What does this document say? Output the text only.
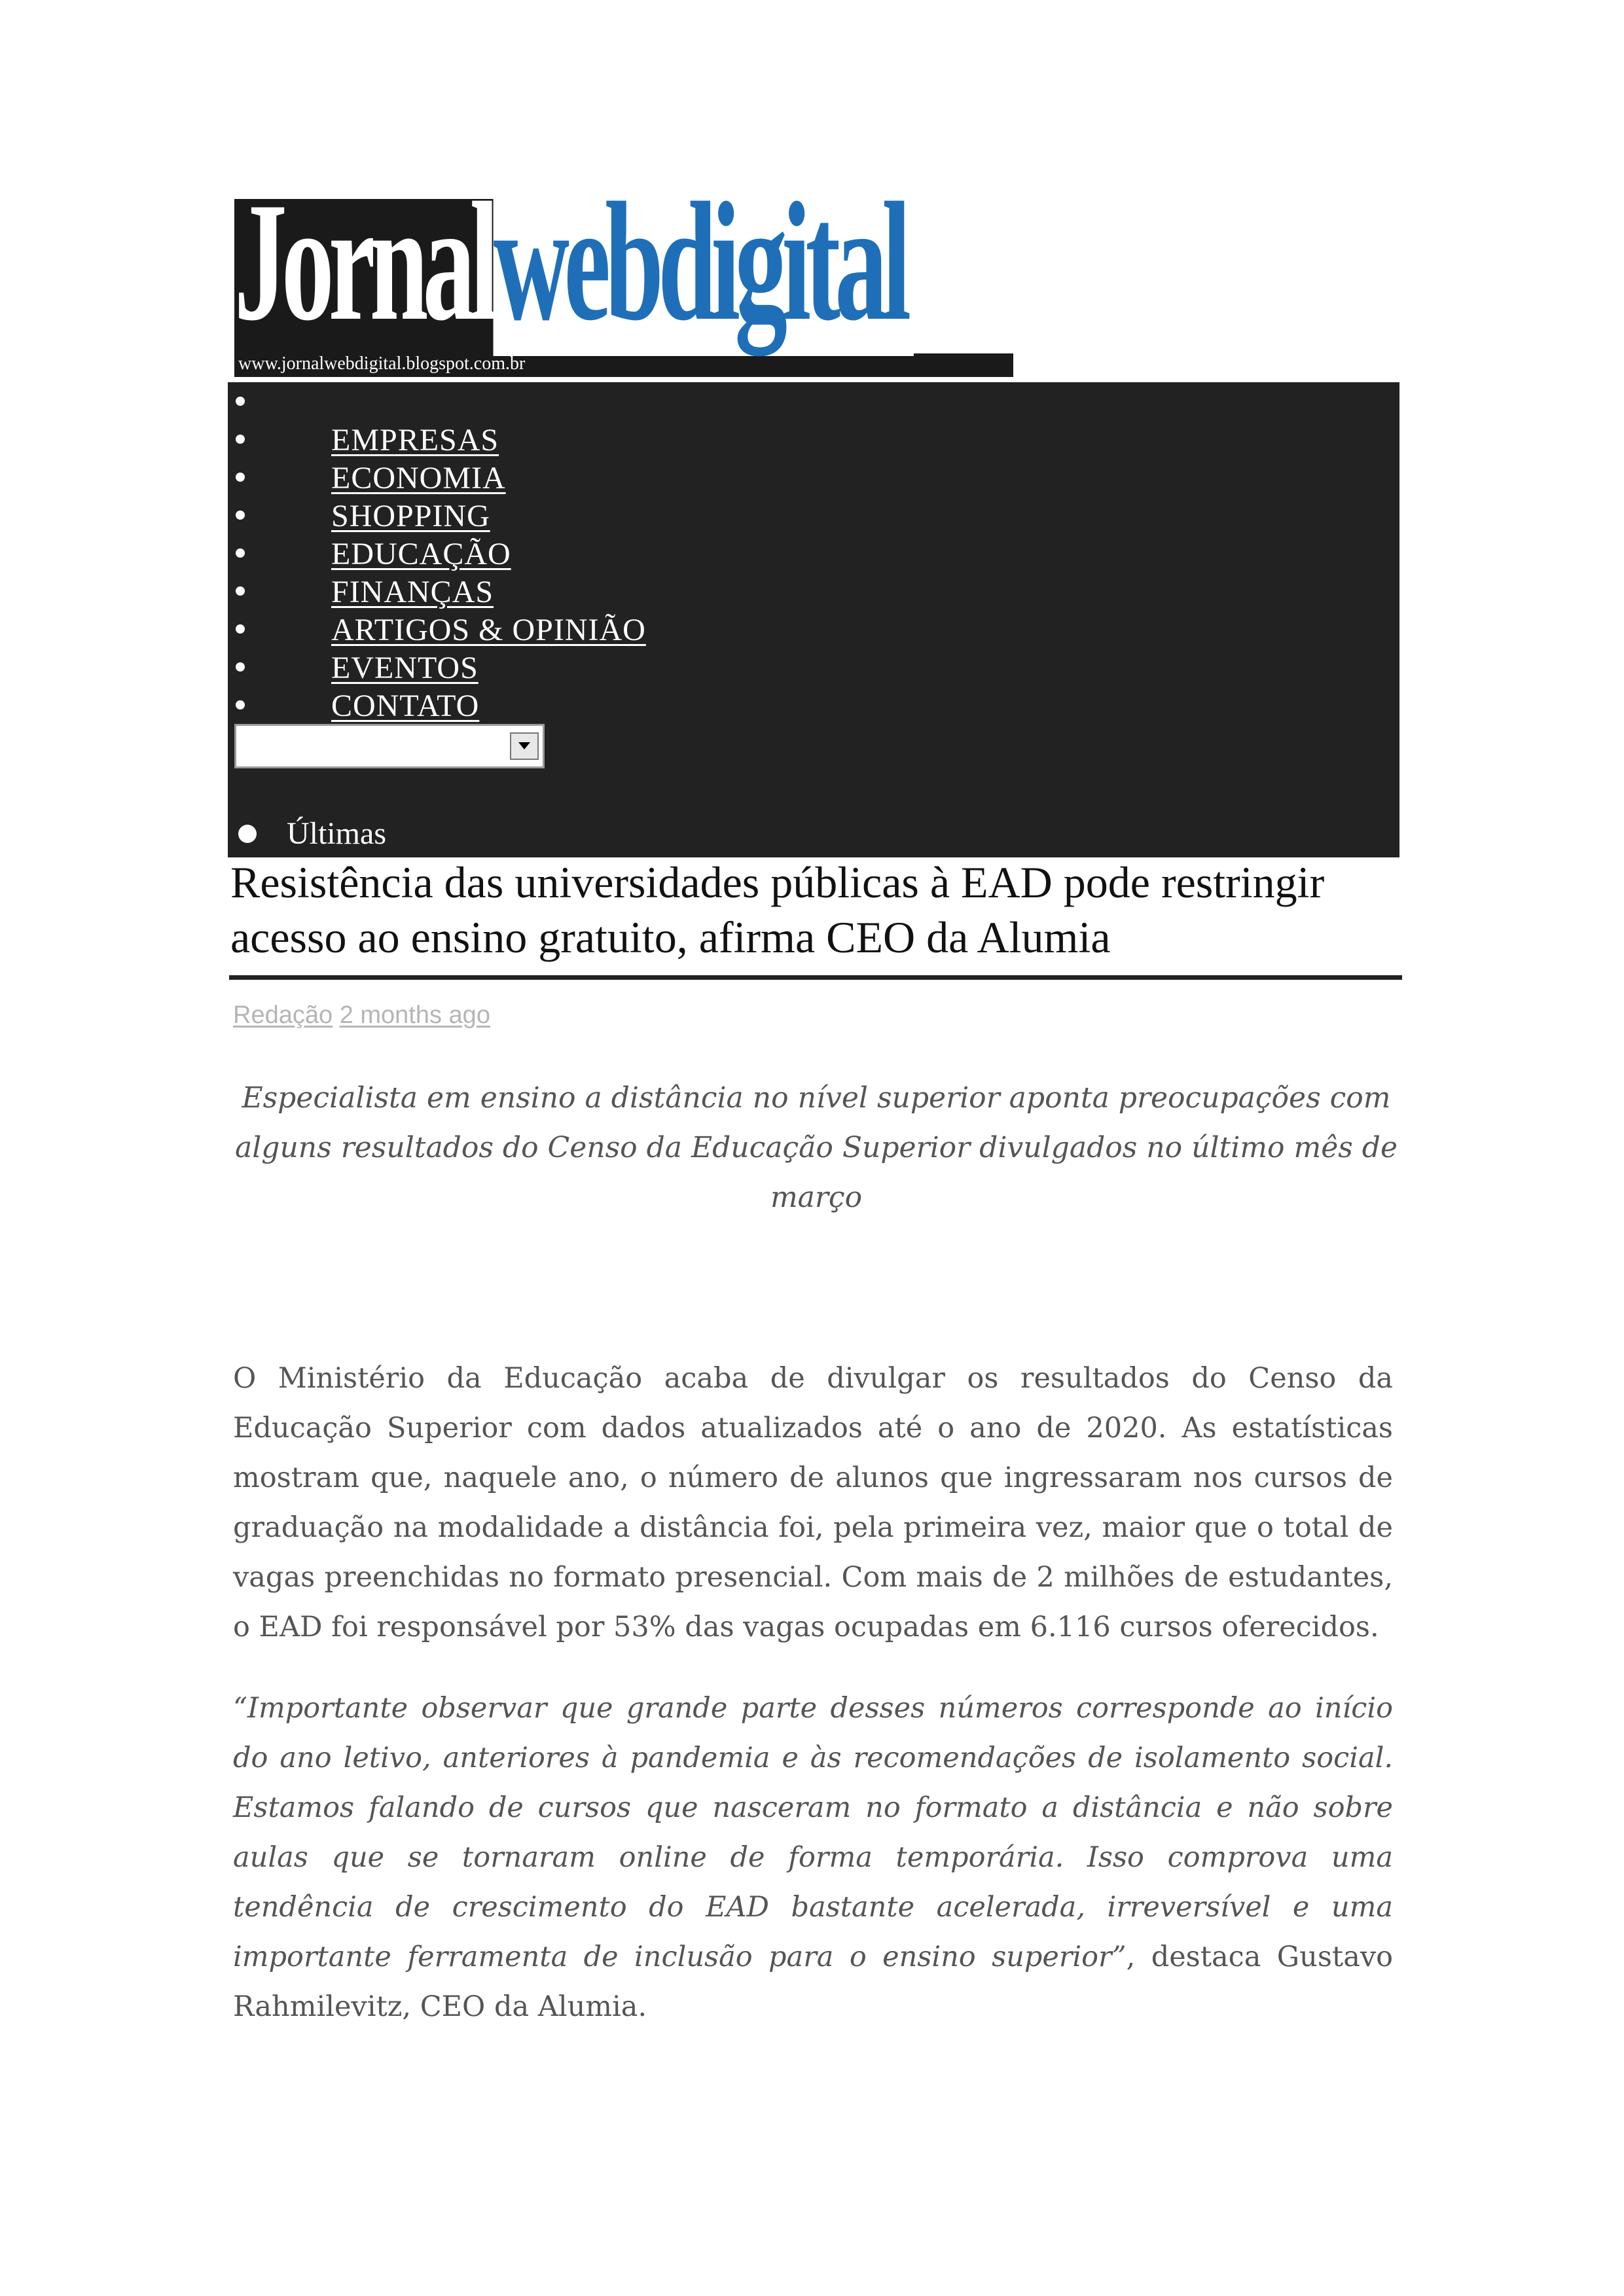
Jornalwebdigital
www.jornalwebdigital.blogspot.com.br
EMPRESAS
ECONOMIA
SHOPPING
EDUCAÇÃO
FINANÇAS
ARTIGOS & OPINIÃO
EVENTOS
CONTATO
Últimas
Resistência das universidades públicas à EAD pode restringir acesso ao ensino gratuito, afirma CEO da Alumia
Redação 2 months ago

Especialista em ensino a distância no nível superior aponta preocupações com alguns resultados do Censo da Educação Superior divulgados no último mês de março

O Ministério da Educação acaba de divulgar os resultados do Censo da Educação Superior com dados atualizados até o ano de 2020. As estatísticas mostram que, naquele ano, o número de alunos que ingressaram nos cursos de graduação na modalidade a distância foi, pela primeira vez, maior que o total de vagas preenchidas no formato presencial. Com mais de 2 milhões de estudantes, o EAD foi responsável por 53% das vagas ocupadas em 6.116 cursos oferecidos.

“Importante observar que grande parte desses números corresponde ao início do ano letivo, anteriores à pandemia e às recomendações de isolamento social. Estamos falando de cursos que nasceram no formato a distância e não sobre aulas que se tornaram online de forma temporária. Isso comprova uma tendência de crescimento do EAD bastante acelerada, irreversível e uma importante ferramenta de inclusão para o ensino superior”, destaca Gustavo Rahmilevitz, CEO da Alumia.
